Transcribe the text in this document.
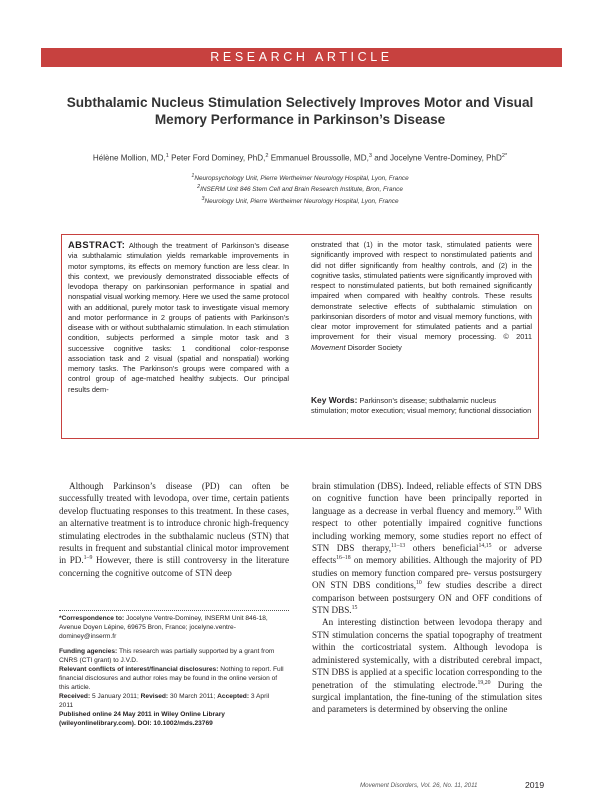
RESEARCH ARTICLE
Subthalamic Nucleus Stimulation Selectively Improves Motor and Visual
Memory Performance in Parkinson’s Disease
Hélène Mollion, MD,$^1$ Peter Ford Dominey, PhD,$^2$ Emmanuel Broussolle, MD,$^3$ and Jocelyne Ventre-Dominey, PhD$^{2*}$
$^1$Neuropsychology Unit, Pierre Wertheimer Neurology Hospital, Lyon, France
$^2$INSERM Unit 846 Stem Cell and Brain Research Institute, Bron, France
$^3$Neurology Unit, Pierre Wertheimer Neurology Hospital, Lyon, France
ABSTRACT: Although the treatment of Parkinson’s disease via subthalamic stimulation yields remarkable improvements in motor symptoms, its effects on memory function are less clear. In this context, we previously demonstrated dissociable effects of levodopa therapy on parkinsonian performance in spatial and nonspatial visual working memory. Here we used the same protocol with an additional, purely motor task to investigate visual memory and motor performance in 2 groups of patients with Parkinson’s disease with or without subthalamic stimulation. In each stimulation condition, subjects performed a simple motor task and 3 successive cognitive tasks: 1 conditional color-response association task and 2 visual (spatial and nonspatial) working memory tasks. The Parkinson’s groups were compared with a control group of age-matched healthy subjects. Our principal results dem-
onstrated that (1) in the motor task, stimulated patients were significantly improved with respect to nonstimulated patients and did not differ significantly from healthy controls, and (2) in the cognitive tasks, stimulated patients were significantly improved with respect to nonstimulated patients, but both remained significantly impaired when compared with healthy controls. These results demonstrate selective effects of subthalamic stimulation on parkinsonian disorders of motor and visual memory functions, with clear motor improvement for stimulated patients and a partial improvement for their visual memory processing. © 2011 Movement Disorder Society
Key Words: Parkinson’s disease; subthalamic nucleus stimulation; motor execution; visual memory; functional dissociation
Although Parkinson’s disease (PD) can often be successfully treated with levodopa, over time, certain patients develop fluctuating responses to this treatment. In these cases, an alternative treatment is to introduce chronic high-frequency stimulating electrodes in the subthalamic nucleus (STN) that results in frequent and substantial clinical motor improvement in PD.$^{1-9}$ However, there is still controversy in the literature concerning the cognitive outcome of STN deep

brain stimulation (DBS). Indeed, reliable effects of STN DBS on cognitive function have been principally reported in language as a decrease in verbal fluency and memory.$^{10}$ With respect to other potentially impaired cognitive functions including working memory, some studies report no effect of STN DBS therapy,$^{11-13}$ others beneficial$^{14,15}$ or adverse effects$^{16-18}$ on memory abilities. Although the majority of PD studies on memory function compared pre- versus postsurgery ON STN DBS conditions,$^{10}$ few studies describe a direct comparison between postsurgery ON and OFF conditions of STN DBS.$^{15}$

An interesting distinction between levodopa therapy and STN stimulation concerns the spatial topography of treatment within the corticostriatal system. Although levodopa is administered systemically, with a distributed cerebral impact, STN DBS is applied at a specific location corresponding to the penetration of the stimulating electrode.$^{19,20}$ During the surgical implantation, the fine-tuning of the stimulation sites and parameters is determined by observing the online

*Correspondence to: Jocelyne Ventre-Dominey, INSERM Unit 846-18, Avenue Doyen Lépine, 69675 Bron, France; jocelyne.ventre-dominey@inserm.fr
Funding agencies: This research was partially supported by a grant from CNRS (CTI grant) to J.V.D.
Relevant conflicts of interest/financial disclosures: Nothing to report. Full financial disclosures and author roles may be found in the online version of this article.
Received: 5 January 2011; Revised: 30 March 2011; Accepted: 3 April 2011
Published online 24 May 2011 in Wiley Online Library (wileyonlinelibrary.com). DOI: 10.1002/mds.23769
Movement Disorders, Vol. 26, No. 11, 2011	2019
